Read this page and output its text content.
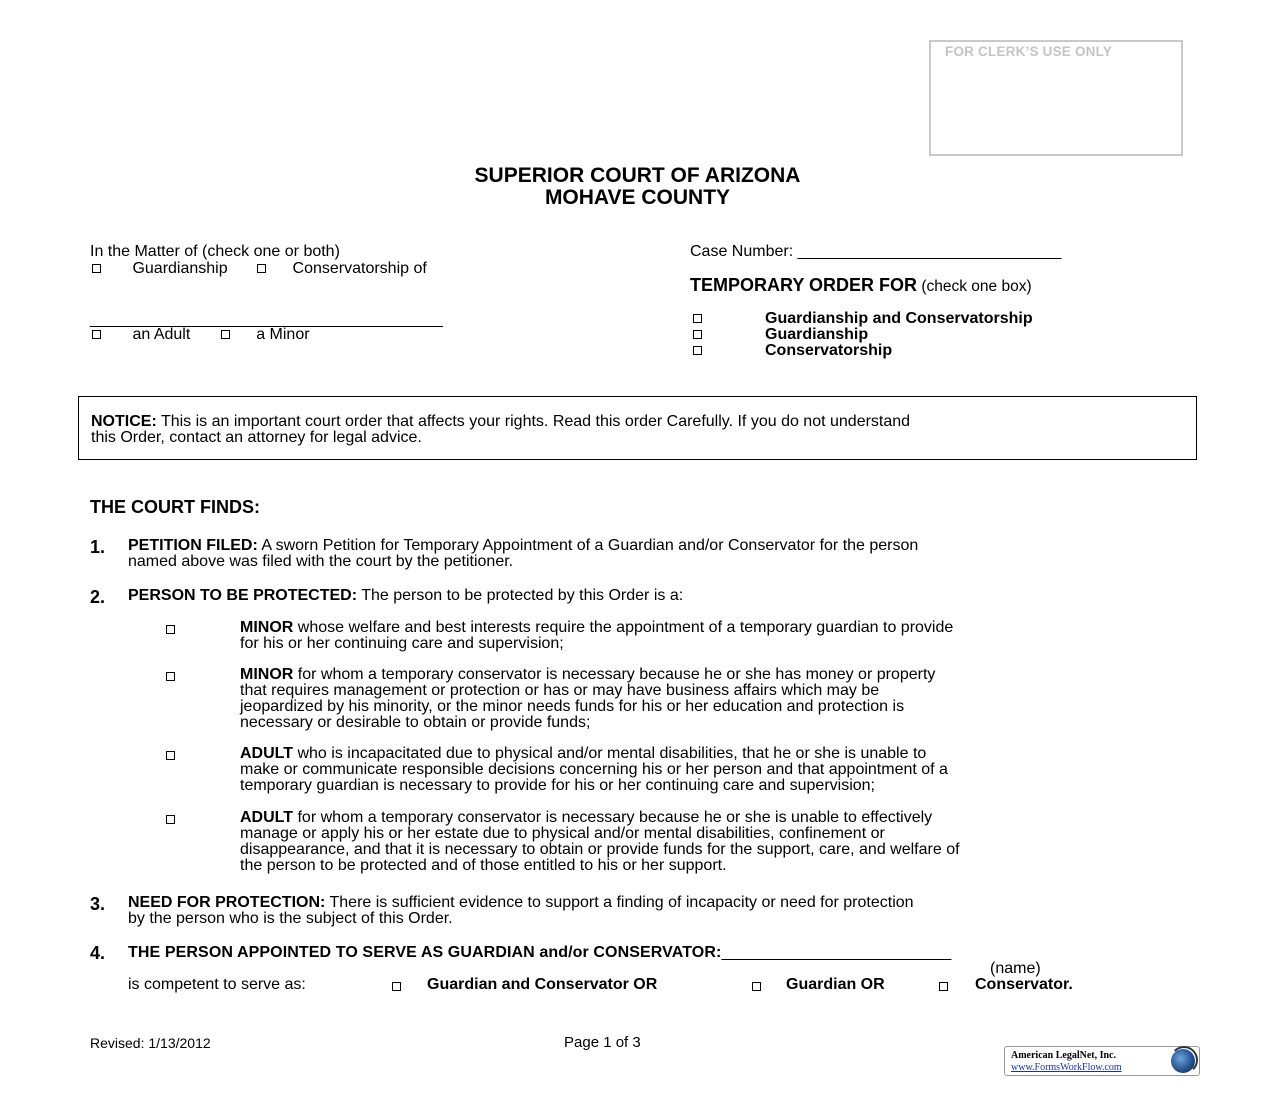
FOR CLERK’S USE ONLY
SUPERIOR COURT OF ARIZONA
MOHAVE COUNTY
In the Matter of (check one or both)
Guardianship	Conservatorship of
_________________________________________
an Adult	a Minor
Case Number: _______________________________
TEMPORARY ORDER FOR (check one box)
Guardianship and Conservatorship
Guardianship
Conservatorship
NOTICE: This is an important court order that affects your rights. Read this order Carefully. If you do not understand
this Order, contact an attorney for legal advice.
THE COURT FINDS:
1. PETITION FILED: A sworn Petition for Temporary Appointment of a Guardian and/or Conservator for the person
named above was filed with the court by the petitioner.
2. PERSON TO BE PROTECTED: The person to be protected by this Order is a:
MINOR whose welfare and best interests require the appointment of a temporary guardian to provide
for his or her continuing care and supervision;
MINOR for whom a temporary conservator is necessary because he or she has money or property
that requires management or protection or has or may have business affairs which may be
jeopardized by his minority, or the minor needs funds for his or her education and protection is
necessary or desirable to obtain or provide funds;
ADULT who is incapacitated due to physical and/or mental disabilities, that he or she is unable to
make or communicate responsible decisions concerning his or her person and that appointment of a
temporary guardian is necessary to provide for his or her continuing care and supervision;
ADULT for whom a temporary conservator is necessary because he or she is unable to effectively
manage or apply his or her estate due to physical and/or mental disabilities, confinement or
disappearance, and that it is necessary to obtain or provide funds for the support, care, and welfare of
the person to be protected and of those entitled to his or her support.
3. NEED FOR PROTECTION: There is sufficient evidence to support a finding of incapacity or need for protection
by the person who is the subject of this Order.
4. THE PERSON APPOINTED TO SERVE AS GUARDIAN and/or CONSERVATOR:___________________________
(name)
is competent to serve as:	Guardian and Conservator OR	Guardian OR	Conservator.
Revised: 1/13/2012	Page 1 of 3
American LegalNet, Inc.
www.FormsWorkFlow.com
